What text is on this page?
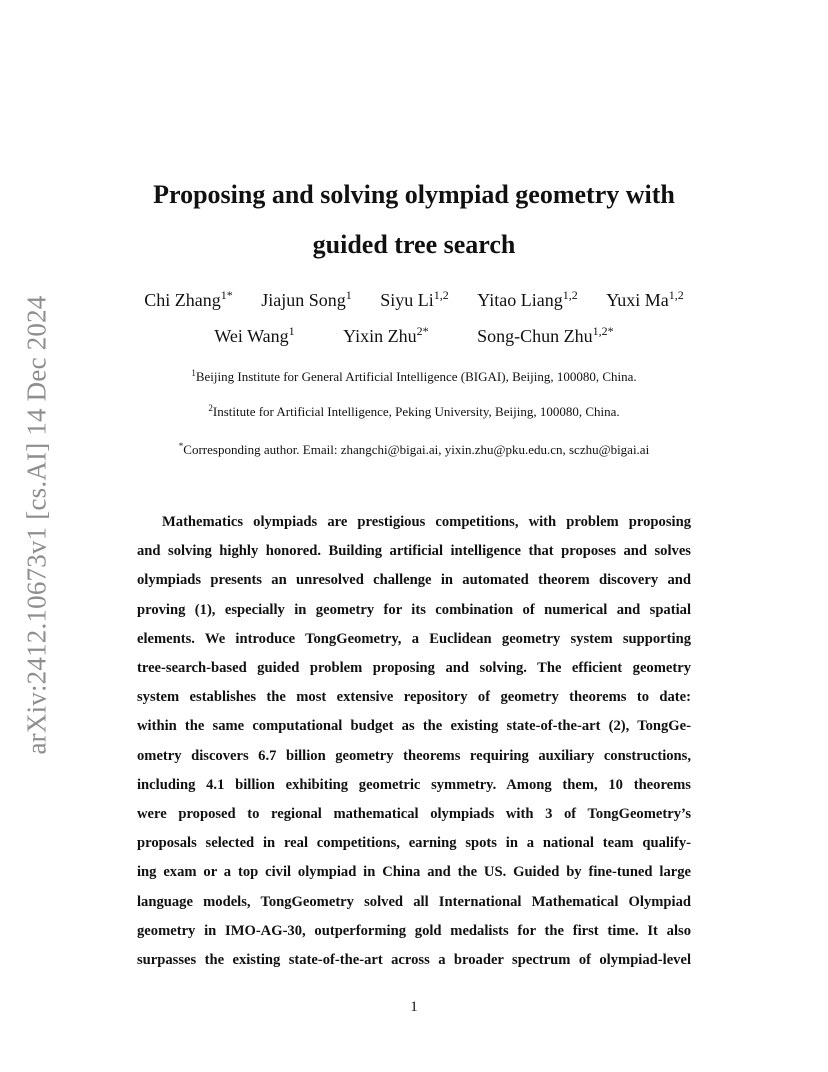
arXiv:2412.10673v1 [cs.AI] 14 Dec 2024
Proposing and solving olympiad geometry with
guided tree search
Chi Zhang$^{1*}$ Jiajun Song$^1$ Siyu Li$^{1,2}$ Yitao Liang$^{1,2}$ Yuxi Ma$^{1,2}$
Wei Wang$^1$	Yixin Zhu$^{2*}$	Song-Chun Zhu$^{1,2*}$
$^1$Beijing Institute for General Artificial Intelligence (BIGAI), Beijing, 100080, China.
$^2$Institute for Artificial Intelligence, Peking University, Beijing, 100080, China.
*Corresponding author. Email: zhangchi@bigai.ai, yixin.zhu@pku.edu.cn, sczhu@bigai.ai
Mathematics olympiads are prestigious competitions, with problem proposing
and solving highly honored. Building artificial intelligence that proposes and solves
olympiads presents an unresolved challenge in automated theorem discovery and
proving (1), especially in geometry for its combination of numerical and spatial
elements. We introduce TongGeometry, a Euclidean geometry system supporting
tree-search-based guided problem proposing and solving. The efficient geometry
system establishes the most extensive repository of geometry theorems to date:
within the same computational budget as the existing state-of-the-art (2), TongGe-
ometry discovers 6.7 billion geometry theorems requiring auxiliary constructions,
including 4.1 billion exhibiting geometric symmetry. Among them, 10 theorems
were proposed to regional mathematical olympiads with 3 of TongGeometry’s
proposals selected in real competitions, earning spots in a national team qualify-
ing exam or a top civil olympiad in China and the US. Guided by fine-tuned large
language models, TongGeometry solved all International Mathematical Olympiad
geometry in IMO-AG-30, outperforming gold medalists for the first time. It also
surpasses the existing state-of-the-art across a broader spectrum of olympiad-level
1
